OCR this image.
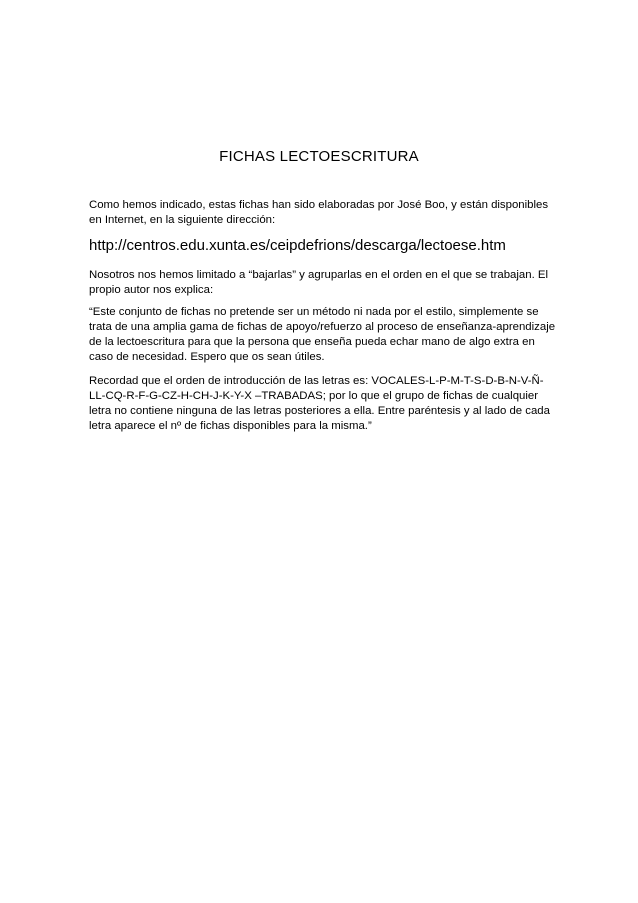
FICHAS LECTOESCRITURA
Como hemos indicado, estas fichas han sido elaboradas por José Boo, y están disponibles en Internet, en la siguiente dirección:
http://centros.edu.xunta.es/ceipdefrions/descarga/lectoese.htm
Nosotros nos hemos limitado a “bajarlas” y agruparlas en el orden en el que se trabajan. El propio autor nos explica:
“Este conjunto de fichas no pretende ser un método ni nada por el estilo, simplemente se trata de una amplia gama de fichas de apoyo/refuerzo al proceso de enseñanza-aprendizaje de la lectoescritura para que la persona que enseña pueda echar mano de algo extra en caso de necesidad. Espero que os sean útiles.
Recordad que el orden de introducción de las letras es: VOCALES-L-P-M-T-S-D-B-N-V-Ñ-LL-CQ-R-F-G-CZ-H-CH-J-K-Y-X –TRABADAS; por lo que el grupo de fichas de cualquier letra no contiene ninguna de las letras posteriores a ella. Entre paréntesis y al lado de cada letra aparece el nº de fichas disponibles para la misma.”
